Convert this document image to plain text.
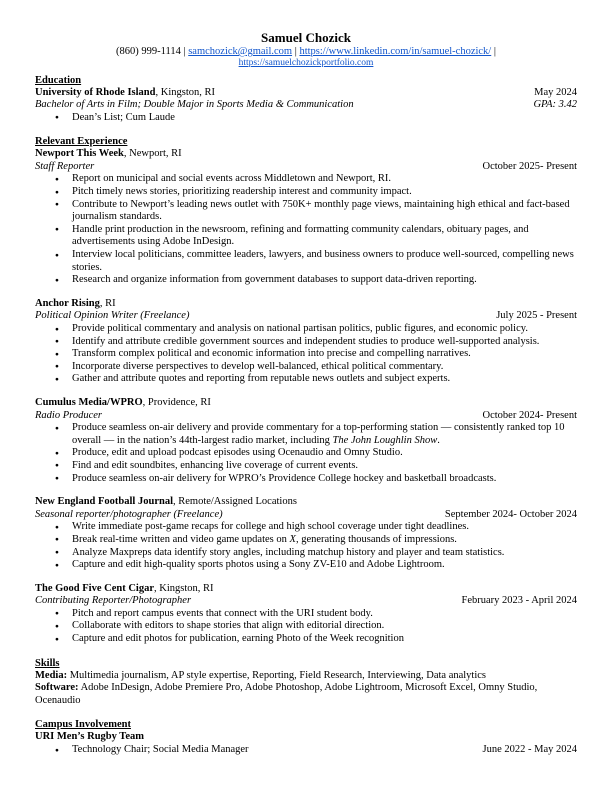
Samuel Chozick
(860) 999-1114 | samchozick@gmail.com | https://www.linkedin.com/in/samuel-chozick/ |
https://samuelchozickportfolio.com
Education
University of Rhode Island, Kingston, RI	May 2024
Bachelor of Arts in Film; Double Major in Sports Media & Communication	GPA: 3.42
● Dean’s List; Cum Laude
Relevant Experience
Newport This Week, Newport, RI
Staff Reporter	October 2025- Present
● Report on municipal and social events across Middletown and Newport, RI.
● Pitch timely news stories, prioritizing readership interest and community impact.
● Contribute to Newport’s leading news outlet with 750K+ monthly page views, maintaining high ethical and fact-based journalism standards.
● Handle print production in the newsroom, refining and formatting community calendars, obituary pages, and advertisements using Adobe InDesign.
● Interview local politicians, committee leaders, lawyers, and business owners to produce well-sourced, compelling news stories.
● Research and organize information from government databases to support data-driven reporting.
Anchor Rising, RI
Political Opinion Writer (Freelance)	July 2025 - Present
● Provide political commentary and analysis on national partisan politics, public figures, and economic policy.
● Identify and attribute credible government sources and independent studies to produce well-supported analysis.
● Transform complex political and economic information into precise and compelling narratives.
● Incorporate diverse perspectives to develop well-balanced, ethical political commentary.
● Gather and attribute quotes and reporting from reputable news outlets and subject experts.
Cumulus Media/WPRO, Providence, RI
Radio Producer	October 2024- Present
● Produce seamless on-air delivery and provide commentary for a top-performing station — consistently ranked top 10 overall — in the nation’s 44th-largest radio market, including The John Loughlin Show.
● Produce, edit and upload podcast episodes using Ocenaudio and Omny Studio.
● Find and edit soundbites, enhancing live coverage of current events.
● Produce seamless on-air delivery for WPRO’s Providence College hockey and basketball broadcasts.
New England Football Journal, Remote/Assigned Locations
Seasonal reporter/photographer (Freelance)	September 2024- October 2024
● Write immediate post-game recaps for college and high school coverage under tight deadlines.
● Break real-time written and video game updates on X, generating thousands of impressions.
● Analyze Maxpreps data identify story angles, including matchup history and player and team statistics.
● Capture and edit high-quality sports photos using a Sony ZV-E10 and Adobe Lightroom.
The Good Five Cent Cigar, Kingston, RI
Contributing Reporter/Photographer	February 2023 - April 2024
● Pitch and report campus events that connect with the URI student body.
● Collaborate with editors to shape stories that align with editorial direction.
● Capture and edit photos for publication, earning Photo of the Week recognition
Skills
Media: Multimedia journalism, AP style expertise, Reporting, Field Research, Interviewing, Data analytics
Software: Adobe InDesign, Adobe Premiere Pro, Adobe Photoshop, Adobe Lightroom, Microsoft Excel, Omny Studio, Ocenaudio
Campus Involvement
URI Men’s Rugby Team
● Technology Chair; Social Media Manager	June 2022 - May 2024
